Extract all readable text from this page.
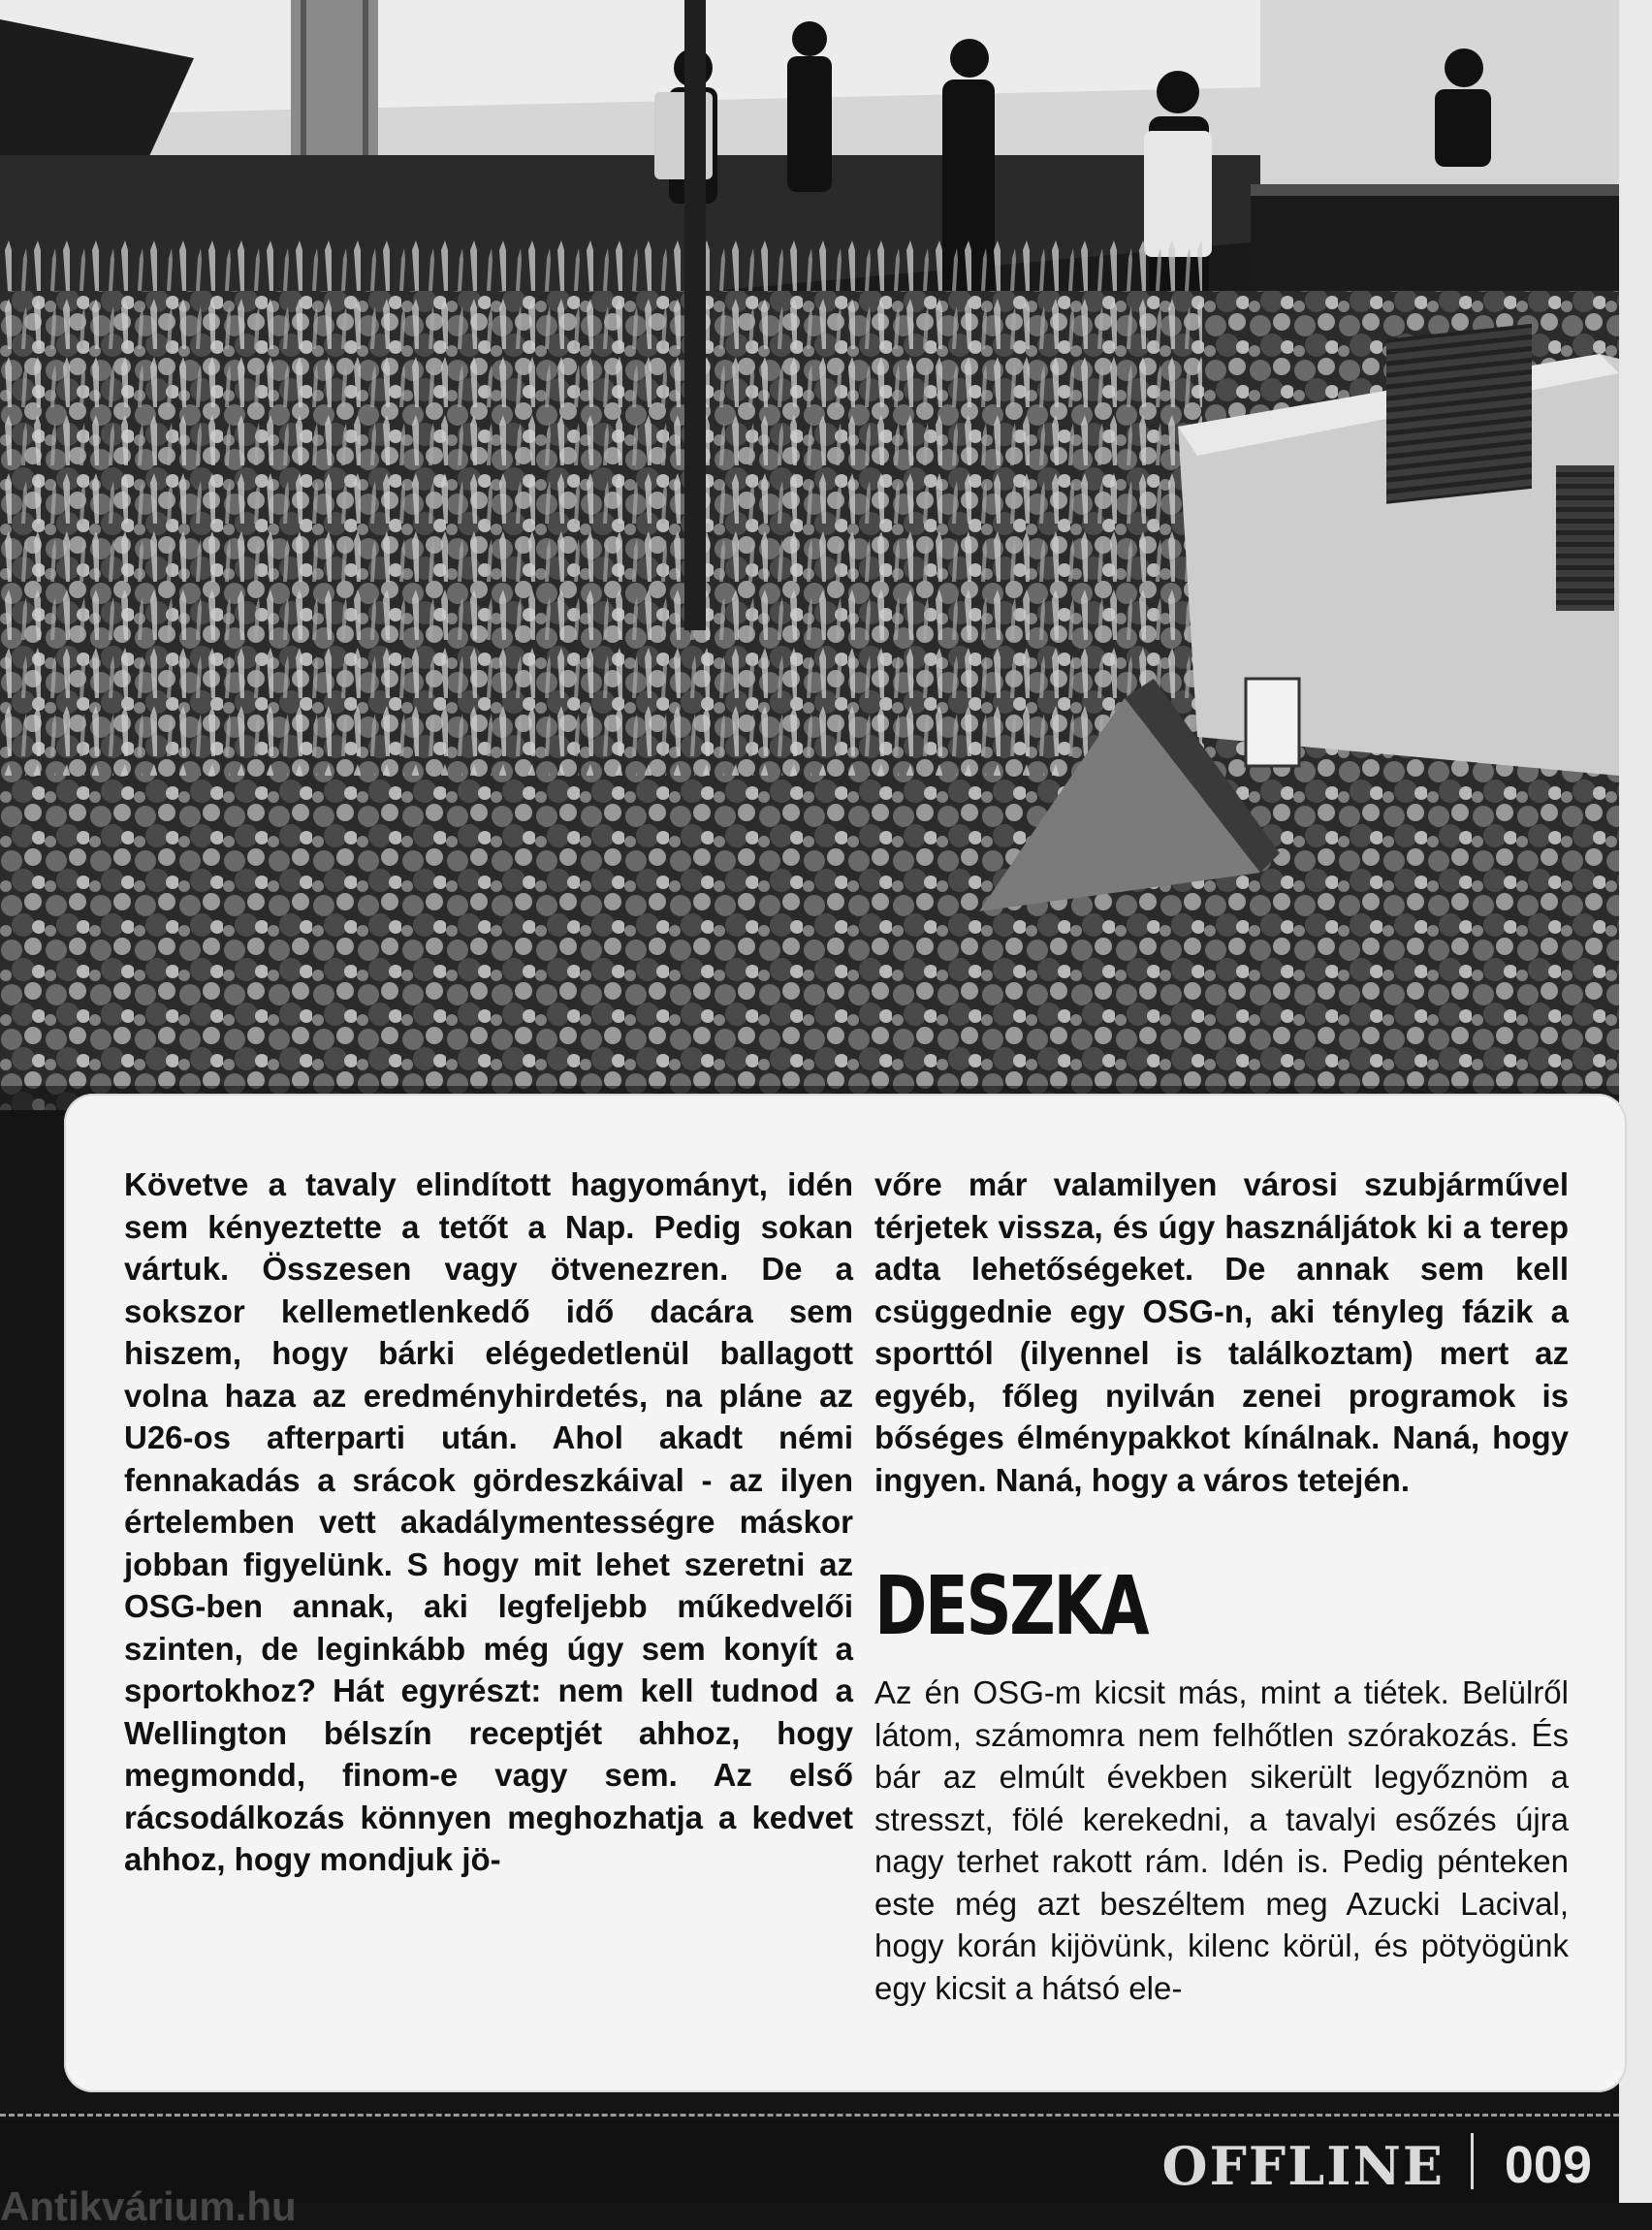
Követve a tavaly elindított hagyományt, idén sem kényeztette a tetőt a Nap. Pedig sokan vártuk. Összesen vagy ötvenezren. De a sokszor kellemetlenkedő idő dacára sem hiszem, hogy bárki elégedetlenül ballagott volna haza az eredményhirdetés, na pláne az U26-os afterparti után. Ahol akadt némi fennakadás a srácok gördeszkáival - az ilyen értelemben vett akadálymentességre máskor jobban figyelünk. S hogy mit lehet szeretni az OSG-ben annak, aki legfeljebb műkedvelői szinten, de leginkább még úgy sem konyít a sportokhoz? Hát egyrészt: nem kell tudnod a Wellington bélszín receptjét ahhoz, hogy megmondd, finom-e vagy sem. Az első rácsodálkozás könnyen meghozhatja a kedvet ahhoz, hogy mondjuk jö-

vőre már valamilyen városi szubjárművel térjetek vissza, és úgy használjátok ki a terep adta lehetőségeket. De annak sem kell csüggednie egy OSG-n, aki tényleg fázik a sporttól (ilyennel is találkoztam) mert az egyéb, főleg nyilván zenei programok is bőséges élménypakkot kínálnak. Naná, hogy ingyen. Naná, hogy a város tetején.

DESZKA

Az én OSG-m kicsit más, mint a tiétek. Belülről látom, számomra nem felhőtlen szórakozás. És bár az elmúlt években sikerült legyőznöm a stresszt, fölé kerekedni, a tavalyi esőzés újra nagy terhet rakott rám. Idén is. Pedig pénteken este még azt beszéltem meg Azucki Lacival, hogy korán kijövünk, kilenc körül, és pötyögünk egy kicsit a hátsó ele-

OFFLINE 009
Antikvárium.hu
